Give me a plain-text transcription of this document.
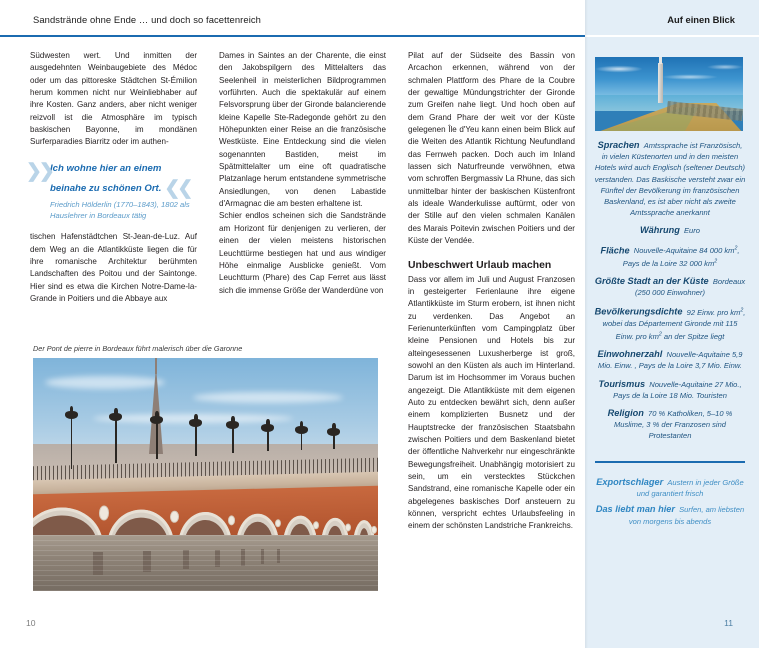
Sandstrände ohne Ende … und doch so facettenreich

Südwesten wert. Und inmitten der ausgedehnten Weinbaugebiete des Médoc oder um das pittoreske Städtchen St-Émilion herum kommen nicht nur Weinliebhaber auf ihre Kosten. Ganz anders, aber nicht weniger reizvoll ist die Atmosphäre im typisch baskischen Bayonne, im mondänen Surferparadies Biarritz oder im authen-

❯❯
Ich wohne hier an einem beinahe zu schönen Ort. ❮❮
Friedrich Hölderlin (1770–1843), 1802 als Hauslehrer in Bordeaux tätig

tischen Hafenstädtchen St-Jean-de-Luz. Auf dem Weg an die Atlantikküste liegen die für ihre romanische Architektur berühmten Landschaften des Poitou und der Saintonge. Hier sind es etwa die Kirchen Notre-Dame-la-Grande in Poitiers und die Abbaye aux

Dames in Saintes an der Charente, die einst den Jakobspilgern des Mittelalters das Seelenheil in meisterlichen Bildprogrammen vorführten. Auch die spektakulär auf einem Felsvorsprung über der Gironde balancierende kleine Kapelle Ste-Radegonde gehört zu den Höhepunkten einer Reise an die französische Westküste. Eine Entdeckung sind die vielen sogenannten Bastiden, meist im Spätmittelalter um eine oft quadratische Platzanlage herum entstandene symmetrische Ansiedlungen, von denen Labastide d'Armagnac die am besten erhaltene ist.

Schier endlos scheinen sich die Sandstrände am Horizont für denjenigen zu verlieren, der einen der vielen meistens historischen Leuchttürme bestiegen hat und aus windiger Höhe einmalige Ausblicke genießt. Vom Leuchtturm (Phare) des Cap Ferret aus lässt sich die immense Größe der Wanderdüne von

Pilat auf der Südseite des Bassin von Arcachon erkennen, während von der schmalen Plattform des Phare de la Coubre der gewaltige Mündungstrichter der Gironde zum Greifen nahe liegt. Und hoch oben auf dem Grand Phare der weit vor der Küste gelegenen Île d'Yeu kann einen beim Blick auf die Weiten des Atlantik Richtung Neufundland das Fernweh packen. Doch auch im Inland lassen sich Naturfreunde verwöhnen, etwa vom schroffen Bergmassiv La Rhune, das sich unmittelbar hinter der baskischen Küstenfront als ideale Wanderkulisse auftürmt, oder von der Stille auf den vielen schmalen Kanälen des Marais Poitevin zwischen Poitiers und der Küste der Vendée.

Unbeschwert Urlaub machen

Dass vor allem im Juli und August Franzosen in gesteigerter Ferienlaune ihre eigene Atlantikküste im Sturm erobern, ist ihnen nicht zu verdenken. Das Angebot an Ferienunterkünften vom Campingplatz über kleine Pensionen und Hotels bis zur alteingesessenen Luxusherberge ist groß, sowohl an den Küsten als auch im Hinterland. Darum ist im Hochsommer im Voraus buchen angezeigt. Die Atlantikküste mit dem eigenen Auto zu entdecken bewährt sich, denn außer einem komplizierten Busnetz und der Hauptstrecke der französischen Staatsbahn zwischen Poitiers und dem Baskenland bietet der öffentliche Nahverkehr nur eingeschränkte Bewegungsfreiheit. Unabhängig motorisiert zu sein, um ein verstecktes Stückchen Sandstrand, eine romanische Kapelle oder ein abgelegenes baskisches Dorf ansteuern zu können, verspricht echtes Urlaubsfeeling in einem der schönsten Landstriche Frankreichs.

Der Pont de pierre in Bordeaux führt malerisch über die Garonne
10
Auf einen Blick

Sprachen  Amtssprache ist Französisch, in vielen Küstenorten und in den meisten Hotels wird auch Englisch (seltener Deutsch) verstanden. Das Baskische versteht zwar ein Fünftel der Bevölkerung im französischen Baskenland, es ist aber nicht als zweite Amtssprache anerkannt

Währung  Euro

Fläche  Nouvelle-Aquitaine 84 000 $km^2$, Pays de la Loire 32 000 $km^2$

Größte Stadt an der Küste  Bordeaux (250 000 Einwohner)

Bevölkerungsdichte  92 Einw. pro $km^2$, wobei das Département Gironde mit 115 Einw. pro $km^2$ an der Spitze liegt

Einwohnerzahl  Nouvelle-Aquitaine 5,9 Mio. Einw. , Pays de la Loire 3,7 Mio. Einw.

Tourismus  Nouvelle-Aquitaine 27 Mio., Pays de la Loire 18 Mio. Touristen

Religion  70 % Katholiken, 5–10 % Muslime, 3 % der Franzosen sind Protestanten

Exportschlager  Austern in jeder Größe und garantiert frisch

Das liebt man hier  Surfen, am liebsten von morgens bis abends

11
